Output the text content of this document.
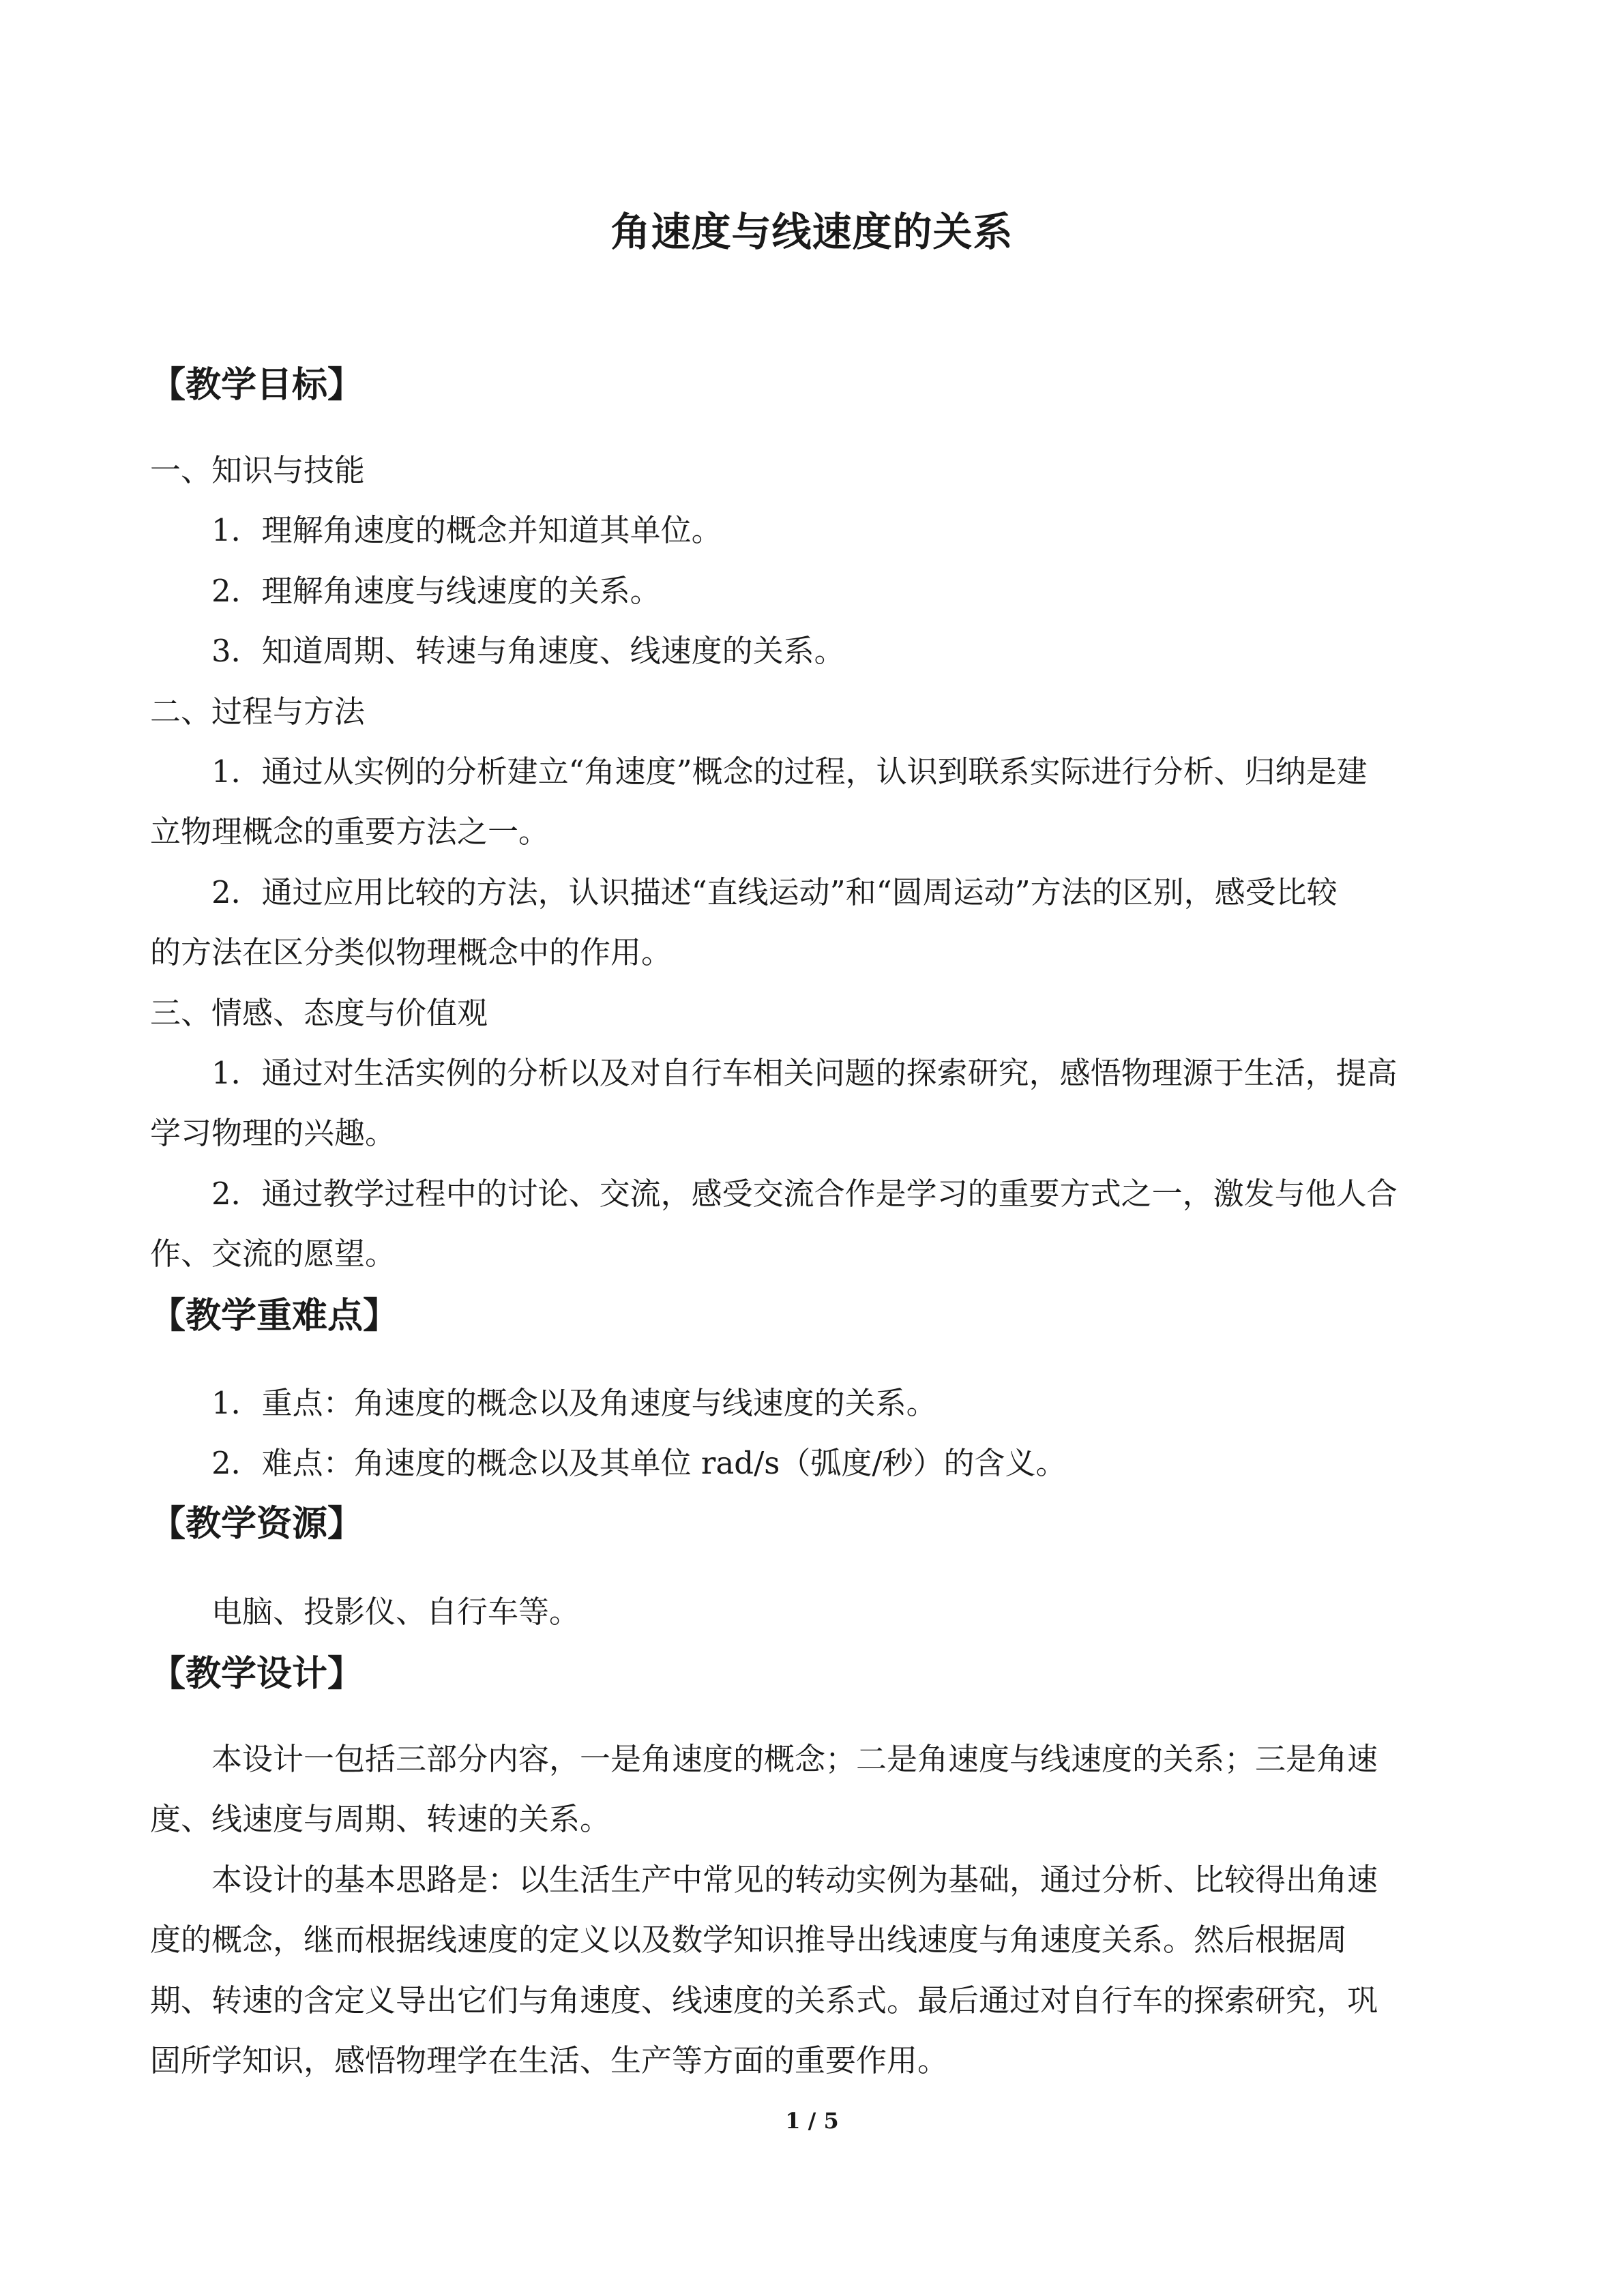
角速度与线速度的关系
【教学目标】
一、知识与技能
1．理解角速度的概念并知道其单位。
2．理解角速度与线速度的关系。
3．知道周期、转速与角速度、线速度的关系。
二、过程与方法
1．通过从实例的分析建立“角速度”概念的过程，认识到联系实际进行分析、归纳是建
立物理概念的重要方法之一。
2．通过应用比较的方法，认识描述“直线运动”和“圆周运动”方法的区别，感受比较
的方法在区分类似物理概念中的作用。
三、情感、态度与价值观
1．通过对生活实例的分析以及对自行车相关问题的探索研究，感悟物理源于生活，提高
学习物理的兴趣。
2．通过教学过程中的讨论、交流，感受交流合作是学习的重要方式之一，激发与他人合
作、交流的愿望。
【教学重难点】
1．重点：角速度的概念以及角速度与线速度的关系。
2．难点：角速度的概念以及其单位 rad/s（弧度/秒）的含义。
【教学资源】
电脑、投影仪、自行车等。
【教学设计】
本设计一包括三部分内容，一是角速度的概念；二是角速度与线速度的关系；三是角速
度、线速度与周期、转速的关系。
本设计的基本思路是：以生活生产中常见的转动实例为基础，通过分析、比较得出角速
度的概念，继而根据线速度的定义以及数学知识推导出线速度与角速度关系。然后根据周
期、转速的含定义导出它们与角速度、线速度的关系式。最后通过对自行车的探索研究，巩
固所学知识，感悟物理学在生活、生产等方面的重要作用。
1 / 5
